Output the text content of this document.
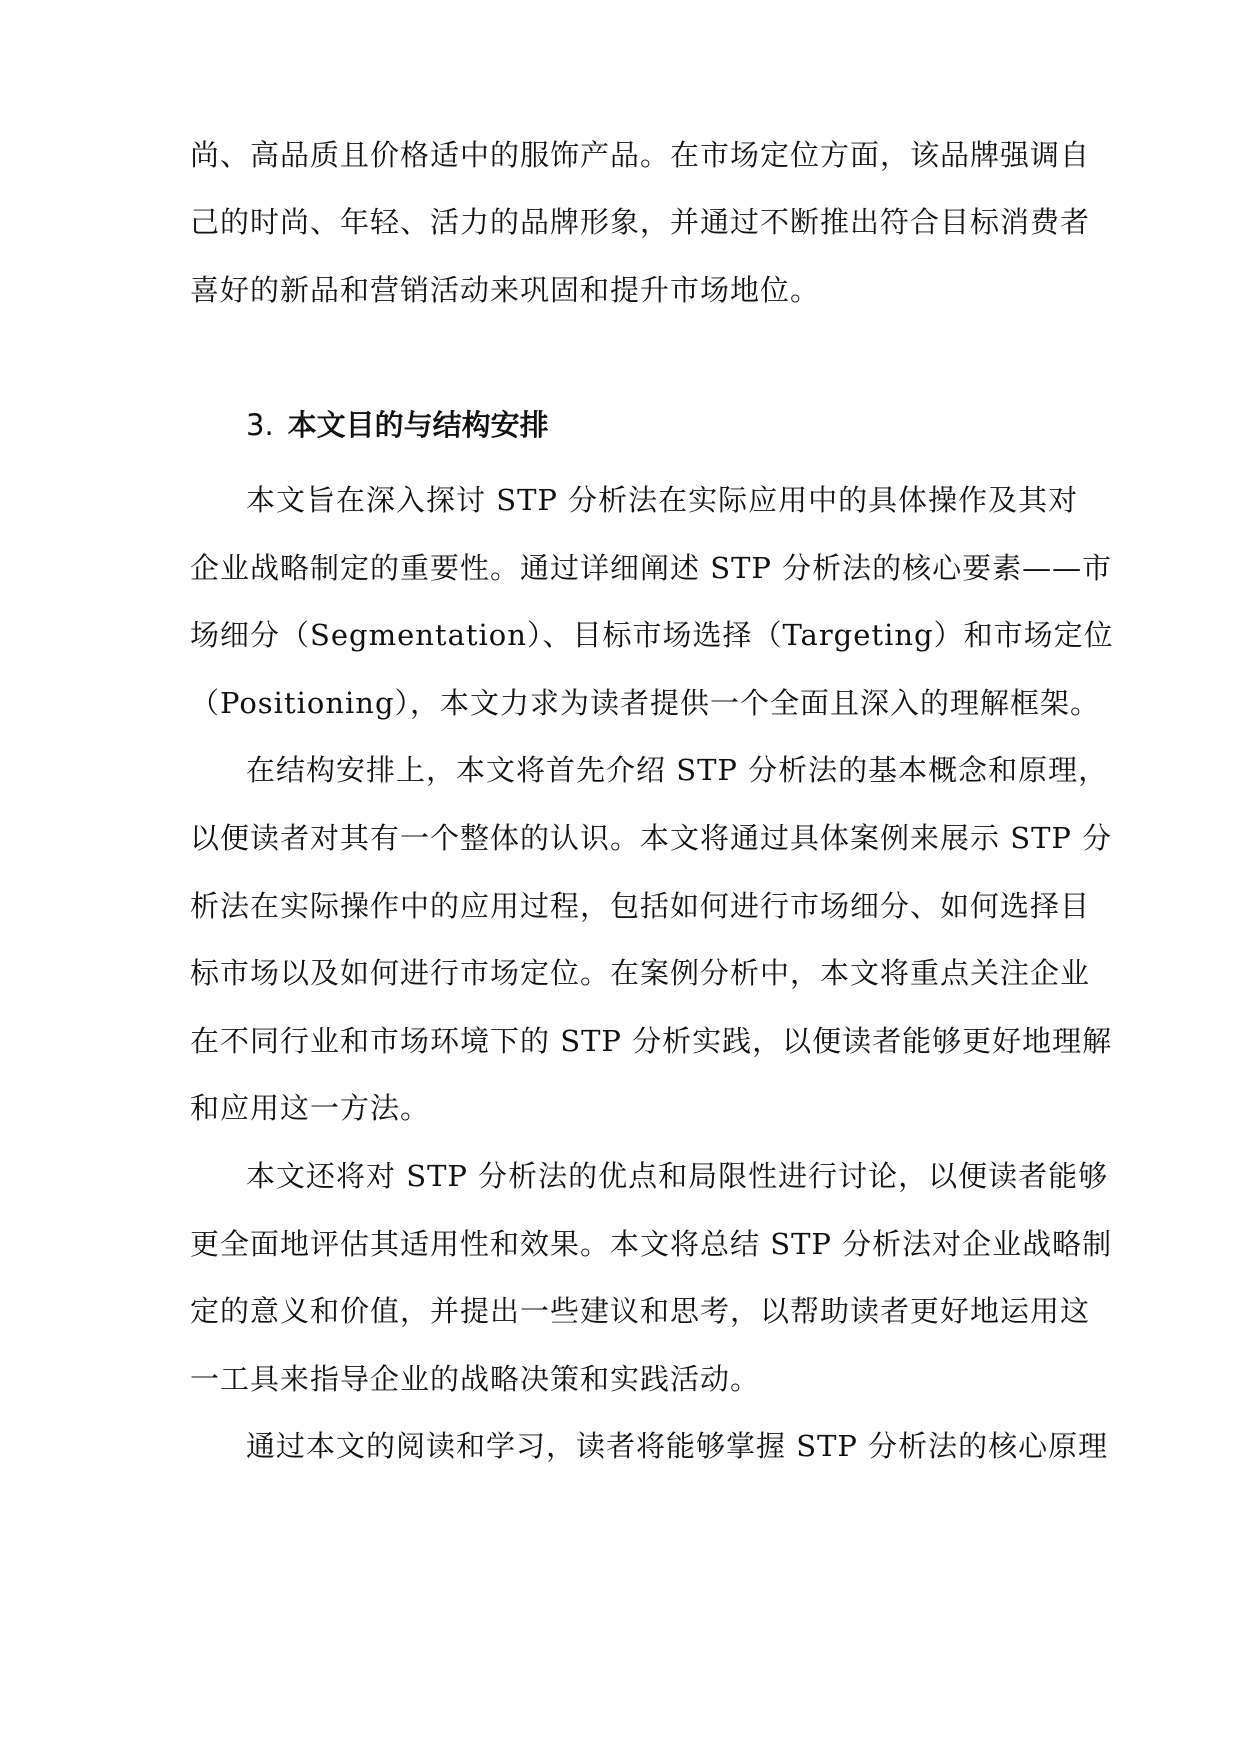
尚、高品质且价格适中的服饰产品。在市场定位方面，该品牌强调自
己的时尚、年轻、活力的品牌形象，并通过不断推出符合目标消费者
喜好的新品和营销活动来巩固和提升市场地位。
3. 本文目的与结构安排
本文旨在深入探讨 STP 分析法在实际应用中的具体操作及其对
企业战略制定的重要性。通过详细阐述 STP 分析法的核心要素——市
场细分（Segmentation）、目标市场选择（Targeting）和市场定位
（Positioning），本文力求为读者提供一个全面且深入的理解框架。
在结构安排上，本文将首先介绍 STP 分析法的基本概念和原理，
以便读者对其有一个整体的认识。本文将通过具体案例来展示 STP 分
析法在实际操作中的应用过程，包括如何进行市场细分、如何选择目
标市场以及如何进行市场定位。在案例分析中，本文将重点关注企业
在不同行业和市场环境下的 STP 分析实践，以便读者能够更好地理解
和应用这一方法。
本文还将对 STP 分析法的优点和局限性进行讨论，以便读者能够
更全面地评估其适用性和效果。本文将总结 STP 分析法对企业战略制
定的意义和价值，并提出一些建议和思考，以帮助读者更好地运用这
一工具来指导企业的战略决策和实践活动。
通过本文的阅读和学习，读者将能够掌握 STP 分析法的核心原理
